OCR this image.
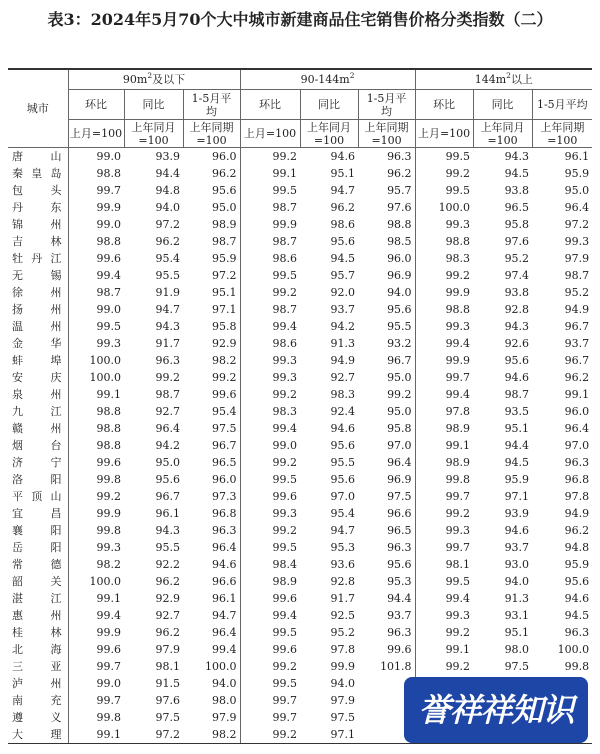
表3：2024年5月70个大中城市新建商品住宅销售价格分类指数（二）
城市	$90m^2$及以下			$90-144m^2$			$144m^2$以上		
	环比	同比	1-5月平均	环比	同比	1-5月平均	环比	同比	1-5月平均
	上月=100	上年同月=100	上年同期=100	上月=100	上年同月=100	上年同期=100	上月=100	上年同月=100	上年同期=100

唐山	99.0	93.9	96.0	99.2	94.6	96.3	99.5	94.3	96.1

秦皇岛	98.8	94.4	96.2	99.1	95.1	96.2	99.2	94.5	95.9

包头	99.7	94.8	95.6	99.5	94.7	95.7	99.5	93.8	95.0

丹东	99.9	94.0	95.0	98.7	96.2	97.6	100.0	96.5	96.4

锦州	99.0	97.2	98.9	99.9	98.6	98.8	99.3	95.8	97.2

吉林	98.8	96.2	98.7	98.7	95.6	98.5	98.8	97.6	99.3

牡丹江	99.6	95.4	95.9	98.6	94.5	96.0	98.3	95.2	97.9

无锡	99.4	95.5	97.2	99.5	95.7	96.9	99.2	97.4	98.7

徐州	98.7	91.9	95.1	99.2	92.0	94.0	99.9	93.8	95.2

扬州	99.0	94.7	97.1	98.7	93.7	95.6	98.8	92.8	94.9

温州	99.5	94.3	95.8	99.4	94.2	95.5	99.3	94.3	96.7

金华	99.3	91.7	92.9	98.6	91.3	93.2	99.4	92.6	93.7

蚌埠	100.0	96.3	98.2	99.3	94.9	96.7	99.9	95.6	96.7

安庆	100.0	99.2	99.2	99.3	92.7	95.0	99.7	94.6	96.2

泉州	99.1	98.7	99.6	99.2	98.3	99.2	99.4	98.7	99.1

九江	98.8	92.7	95.4	98.3	92.4	95.0	97.8	93.5	96.0

赣州	98.8	96.4	97.5	99.4	94.6	95.8	98.9	95.1	96.4

烟台	98.8	94.2	96.7	99.0	95.6	97.0	99.1	94.4	97.0

济宁	99.6	95.0	96.5	99.2	95.5	96.4	98.9	94.5	96.3

洛阳	99.8	95.6	96.0	99.5	95.6	96.9	99.8	95.9	96.8

平顶山	99.2	96.7	97.3	99.6	97.0	97.5	99.7	97.1	97.8

宜昌	99.9	96.1	96.8	99.3	95.4	96.6	99.2	93.9	94.9

襄阳	99.8	94.3	96.3	99.2	94.7	96.5	99.3	94.6	96.2

岳阳	99.3	95.5	96.4	99.5	95.3	96.3	99.7	93.7	94.8

常德	98.2	92.2	94.6	98.4	93.6	95.6	98.1	93.0	95.9

韶关	100.0	96.2	96.6	98.9	92.8	95.3	99.5	94.0	95.6

湛江	99.1	92.9	96.1	99.6	91.7	94.4	99.4	91.3	94.6

惠州	99.4	92.7	94.7	99.4	92.5	93.7	99.3	93.1	94.5

桂林	99.9	96.2	96.4	99.5	95.2	96.3	99.2	95.1	96.3

北海	99.6	97.9	99.4	99.6	97.8	99.6	99.1	98.0	100.0

三亚	99.7	98.1	100.0	99.2	99.9	101.8	99.2	97.5	99.8

泸州	99.0	91.5	94.0	99.5	94.0				

南充	99.7	97.6	98.0	99.7	97.9				

遵义	99.8	97.5	97.9	99.7	97.5				

大理	99.1	97.2	98.2	99.2	97.1				
誉祥祥知识
